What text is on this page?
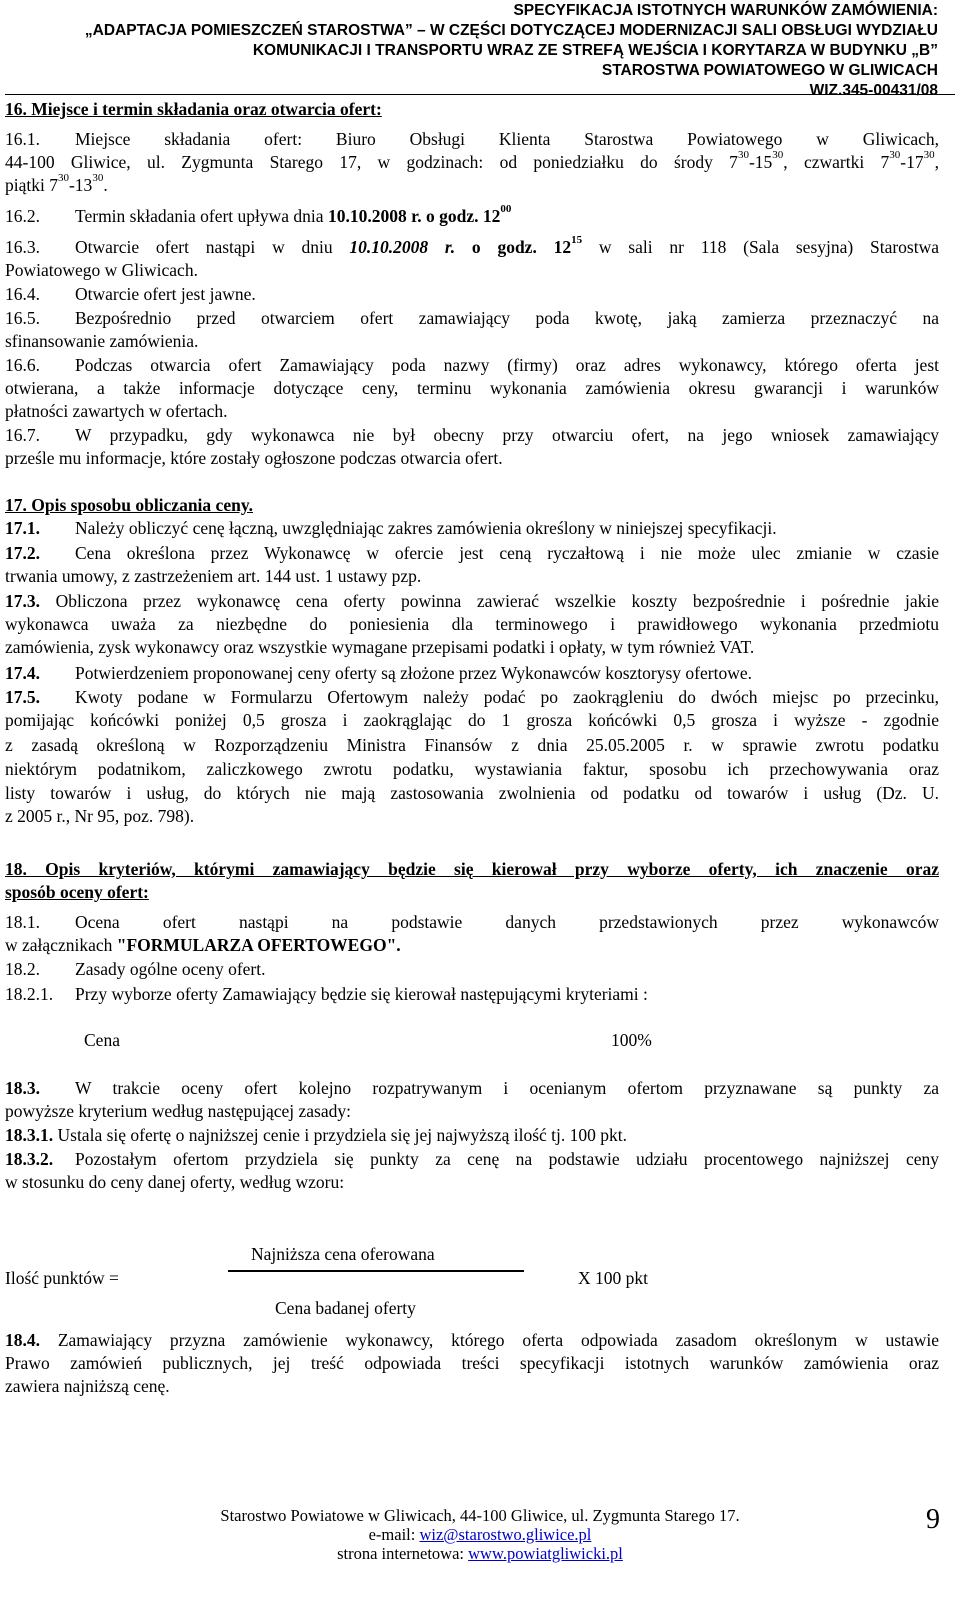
SPECYFIKACJA ISTOTNYCH WARUNKÓW ZAMÓWIENIA:
„ADAPTACJA POMIESZCZEŃ STAROSTWA” – W CZĘŚCI DOTYCZĄCEJ MODERNIZACJI SALI OBSŁUGI WYDZIAŁU
KOMUNIKACJI I TRANSPORTU WRAZ ZE STREFĄ WEJŚCIA I KORYTARZA W BUDYNKU „B”
STAROSTWA POWIATOWEGO W GLIWICACH
WIZ.345-00431/08
16. Miejsce i termin składania oraz otwarcia ofert:
16.1. Miejsce składania ofert: Biuro Obsługi Klienta Starostwa Powiatowego w Gliwicach,
44-100 Gliwice, ul. Zygmunta Starego 17, w godzinach: od poniedziałku do środy $7^{30}-15^{30}$, czwartki $7^{30}-17^{30}$,
piątki $7^{30}-13^{30}$.
16.2. Termin składania ofert upływa dnia 10.10.2008 r. o godz. $12^{00}$
16.3. Otwarcie ofert nastąpi w dniu 10.10.2008 r. o godz. $12^{15}$ w sali nr 118 (Sala sesyjna) Starostwa
Powiatowego w Gliwicach.
16.4. Otwarcie ofert jest jawne.
16.5. Bezpośrednio przed otwarciem ofert zamawiający poda kwotę, jaką zamierza przeznaczyć na
sfinansowanie zamówienia.
16.6. Podczas otwarcia ofert Zamawiający poda nazwy (firmy) oraz adres wykonawcy, którego oferta jest
otwierana, a także informacje dotyczące ceny, terminu wykonania zamówienia okresu gwarancji i warunków
płatności zawartych w ofertach.
16.7. W przypadku, gdy wykonawca nie był obecny przy otwarciu ofert, na jego wniosek zamawiający
prześle mu informacje, które zostały ogłoszone podczas otwarcia ofert.
17. Opis sposobu obliczania ceny.
17.1. Należy obliczyć cenę łączną, uwzględniając zakres zamówienia określony w niniejszej specyfikacji.
17.2. Cena określona przez Wykonawcę w ofercie jest ceną ryczałtową i nie może ulec zmianie w czasie
trwania umowy, z zastrzeżeniem art. 144 ust. 1 ustawy pzp.
17.3. Obliczona przez wykonawcę cena oferty powinna zawierać wszelkie koszty bezpośrednie i pośrednie jakie
wykonawca uważa za niezbędne do poniesienia dla terminowego i prawidłowego wykonania przedmiotu
zamówienia, zysk wykonawcy oraz wszystkie wymagane przepisami podatki i opłaty, w tym również VAT.
17.4. Potwierdzeniem proponowanej ceny oferty są złożone przez Wykonawców kosztorysy ofertowe.
17.5. Kwoty podane w Formularzu Ofertowym należy podać po zaokrągleniu do dwóch miejsc po przecinku,
pomijając końcówki poniżej 0,5 grosza i zaokrąglając do 1 grosza końcówki 0,5 grosza i wyższe - zgodnie
z zasadą określoną w Rozporządzeniu Ministra Finansów z dnia 25.05.2005 r. w sprawie zwrotu podatku
niektórym podatnikom, zaliczkowego zwrotu podatku, wystawiania faktur, sposobu ich przechowywania oraz
listy towarów i usług, do których nie mają zastosowania zwolnienia od podatku od towarów i usług (Dz. U.
z 2005 r., Nr 95, poz. 798).
18. Opis kryteriów, którymi zamawiający będzie się kierował przy wyborze oferty, ich znaczenie oraz
sposób oceny ofert:
18.1. Ocena ofert nastąpi na podstawie danych przedstawionych przez wykonawców
w załącznikach "FORMULARZA OFERTOWEGO".
18.2. Zasady ogólne oceny ofert.
18.2.1. Przy wyborze oferty Zamawiający będzie się kierował następującymi kryteriami :
Cena	100%
18.3. W trakcie oceny ofert kolejno rozpatrywanym i ocenianym ofertom przyznawane są punkty za
powyższe kryterium według następującej zasady:
18.3.1. Ustala się ofertę o najniższej cenie i przydziela się jej najwyższą ilość tj. 100 pkt.
18.3.2. Pozostałym ofertom przydziela się punkty za cenę na podstawie udziału procentowego najniższej ceny
w stosunku do ceny danej oferty, według wzoru:
Najniższa cena oferowana
Ilość punktów =	X 100 pkt
Cena badanej oferty
18.4. Zamawiający przyzna zamówienie wykonawcy, którego oferta odpowiada zasadom określonym w ustawie
Prawo zamówień publicznych, jej treść odpowiada treści specyfikacji istotnych warunków zamówienia oraz
zawiera najniższą cenę.
Starostwo Powiatowe w Gliwicach, 44-100 Gliwice, ul. Zygmunta Starego 17.
e-mail: wiz@starostwo.gliwice.pl
strona internetowa: www.powiatgliwicki.pl
9
